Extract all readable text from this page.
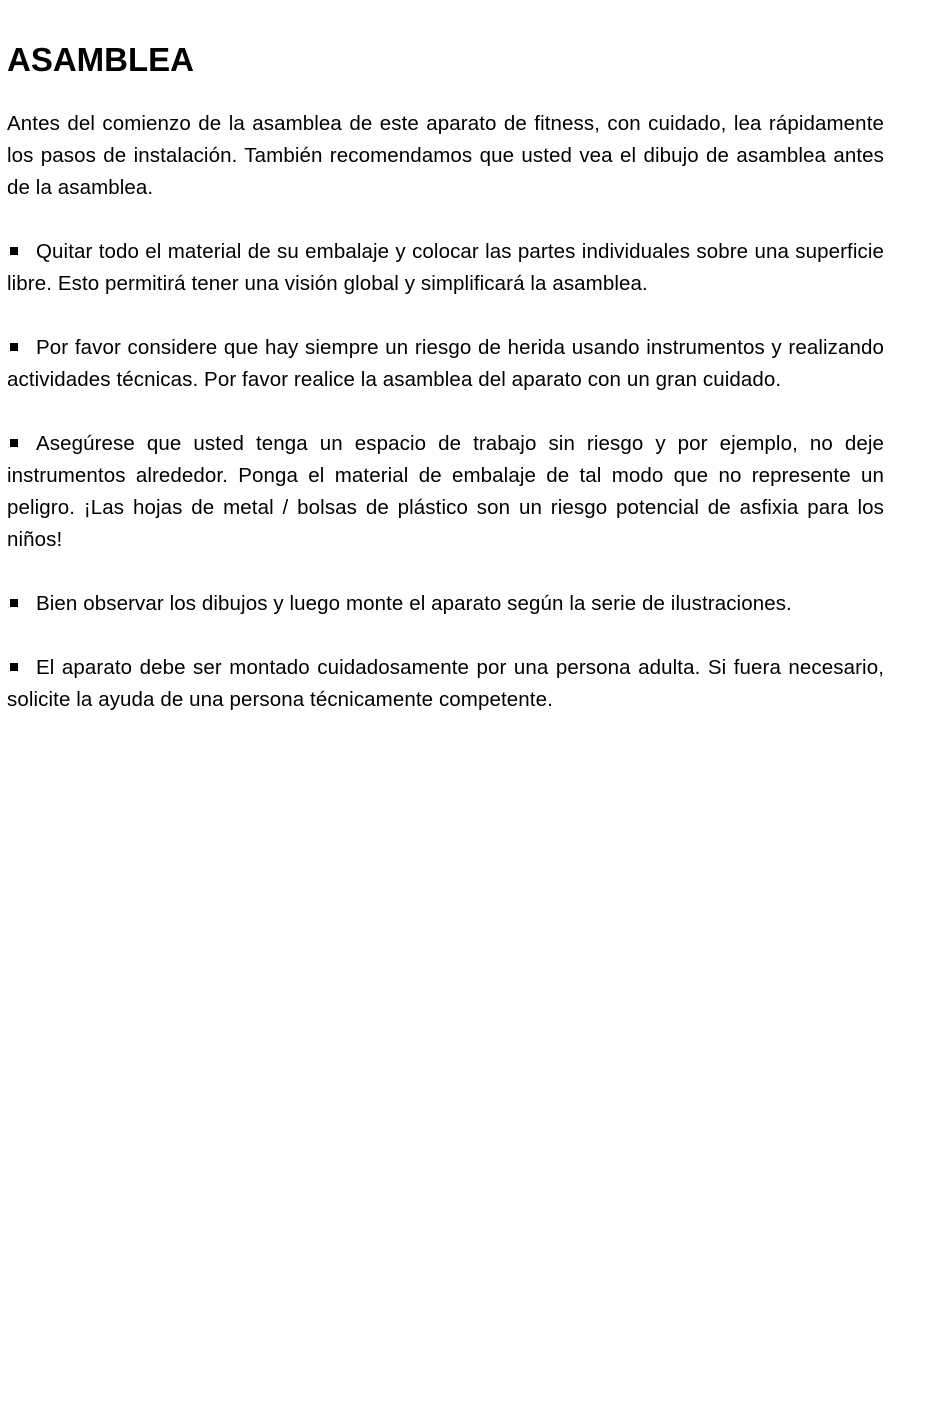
ASAMBLEA

Antes del comienzo de la asamblea de este aparato de fitness, con cuidado, lea rápidamente los pasos de instalación. También recomendamos que usted vea el dibujo de asamblea antes de la asamblea.

Quitar todo el material de su embalaje y colocar las partes individuales sobre una superficie libre. Esto permitirá tener una visión global y simplificará la asamblea.

Por favor considere que hay siempre un riesgo de herida usando instrumentos y realizando actividades técnicas. Por favor realice la asamblea del aparato con un gran cuidado.

Asegúrese que usted tenga un espacio de trabajo sin riesgo y por ejemplo, no deje instrumentos alrededor. Ponga el material de embalaje de tal modo que no represente un peligro. ¡Las hojas de metal / bolsas de plástico son un riesgo potencial de asfixia para los niños!

Bien observar los dibujos y luego monte el aparato según la serie de ilustraciones.

El aparato debe ser montado cuidadosamente por una persona adulta. Si fuera necesario, solicite la ayuda de una persona técnicamente competente.
